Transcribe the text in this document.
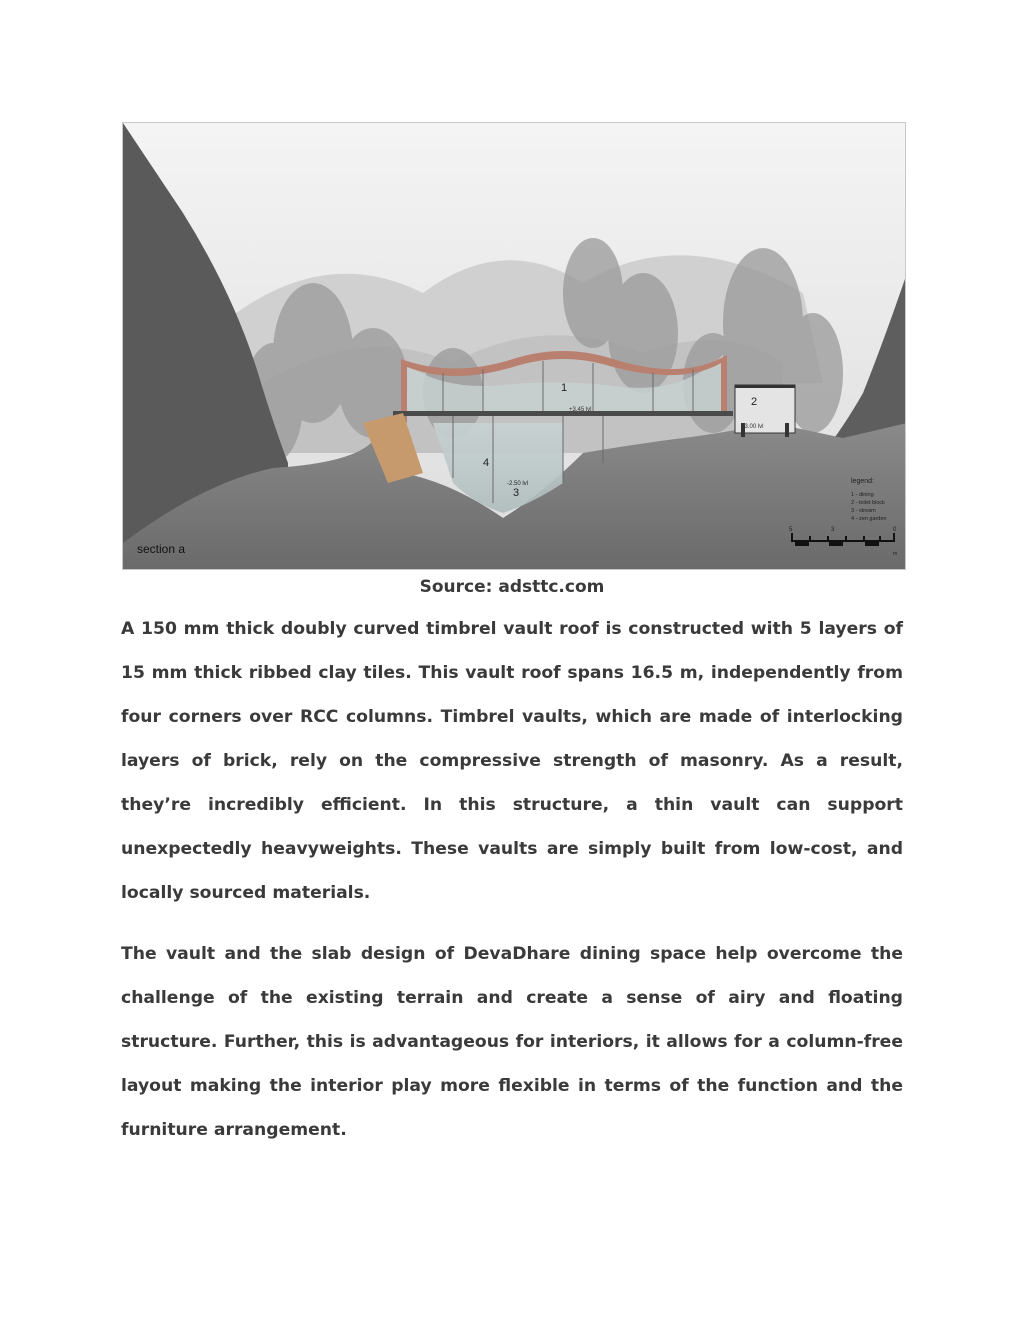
1
2
3
4
+3.45 lvl
+3.00 lvl
-2.50 lvl	legend:
1 - dining
2 - toilet block
3 - stream
4 - zen garden
section a
5	3	0
m
Source: adsttc.com

A 150 mm thick doubly curved timbrel vault roof is constructed with 5 layers of 15 mm thick ribbed clay tiles. This vault roof spans 16.5 m, independently from four corners over RCC columns. Timbrel vaults, which are made of interlocking layers of brick, rely on the compressive strength of masonry. As a result, they’re incredibly efficient. In this structure, a thin vault can support unexpectedly heavyweights. These vaults are simply built from low-cost, and locally sourced materials.

The vault and the slab design of DevaDhare dining space help overcome the challenge of the existing terrain and create a sense of airy and floating structure. Further, this is advantageous for interiors, it allows for a column-free layout making the interior play more flexible in terms of the function and the furniture arrangement.
